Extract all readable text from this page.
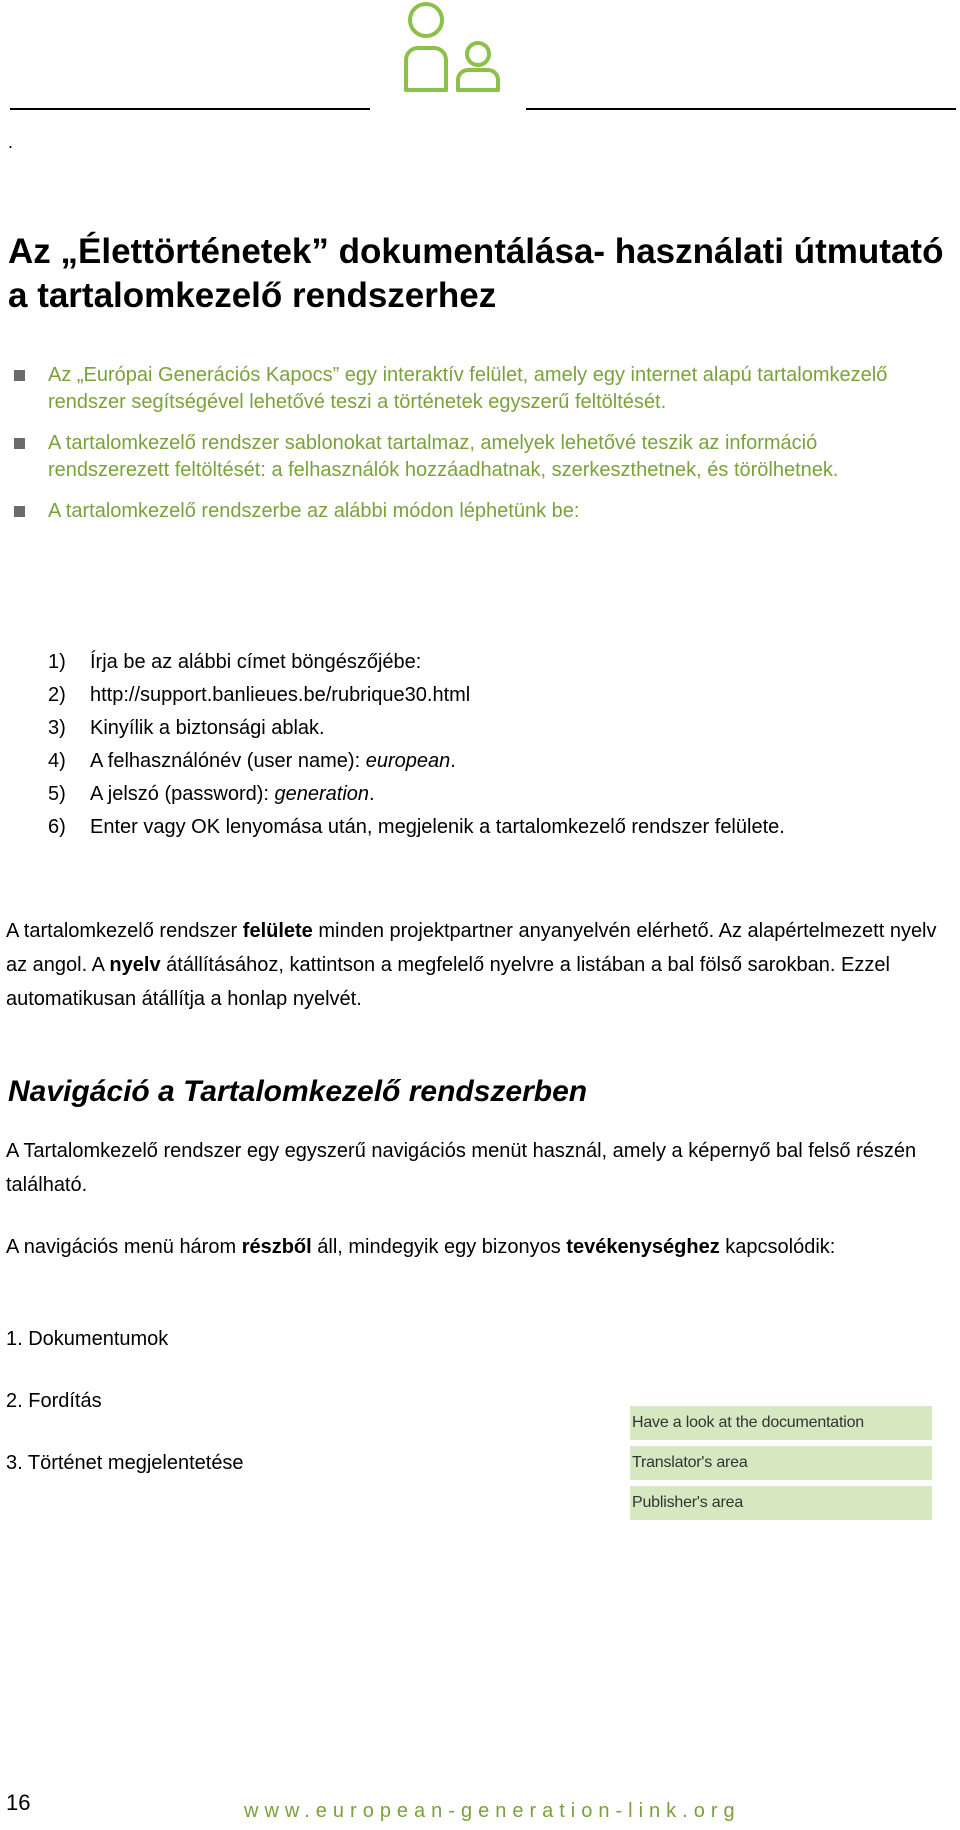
.
Az „Élettörténetek” dokumentálása- használati útmutató a tartalomkezelő rendszerhez
Az „Európai Generációs Kapocs” egy interaktív felület, amely egy internet alapú tartalomkezelő rendszer segítségével lehetővé teszi a történetek egyszerű feltöltését.
A tartalomkezelő rendszer sablonokat tartalmaz, amelyek lehetővé teszik az információ rendszerezett feltöltését: a felhasználók hozzáadhatnak, szerkeszthetnek, és törölhetnek.
A tartalomkezelő rendszerbe az alábbi módon léphetünk be:
1) Írja be az alábbi címet böngészőjébe:
2) http://support.banlieues.be/rubrique30.html
3) Kinyílik a biztonsági ablak.
4) A felhasználónév (user name): european.
5) A jelszó (password): generation.
6) Enter vagy OK lenyomása után, megjelenik a tartalomkezelő rendszer felülete.

A tartalomkezelő rendszer felülete minden projektpartner anyanyelvén elérhető. Az alapértelmezett nyelv az angol. A nyelv átállításához, kattintson a megfelelő nyelvre a listában a bal fölső sarokban. Ezzel automatikusan átállítja a honlap nyelvét.

Navigáció a Tartalomkezelő rendszerben

A Tartalomkezelő rendszer egy egyszerű navigációs menüt használ, amely a képernyő bal felső részén található.

A navigációs menü három részből áll, mindegyik egy bizonyos tevékenységhez kapcsolódik:

1. Dokumentumok
2. Fordítás
3. Történet megjelentetése
Have a look at the documentation
Translator's area
Publisher's area
16	www.european-generation-link.org
